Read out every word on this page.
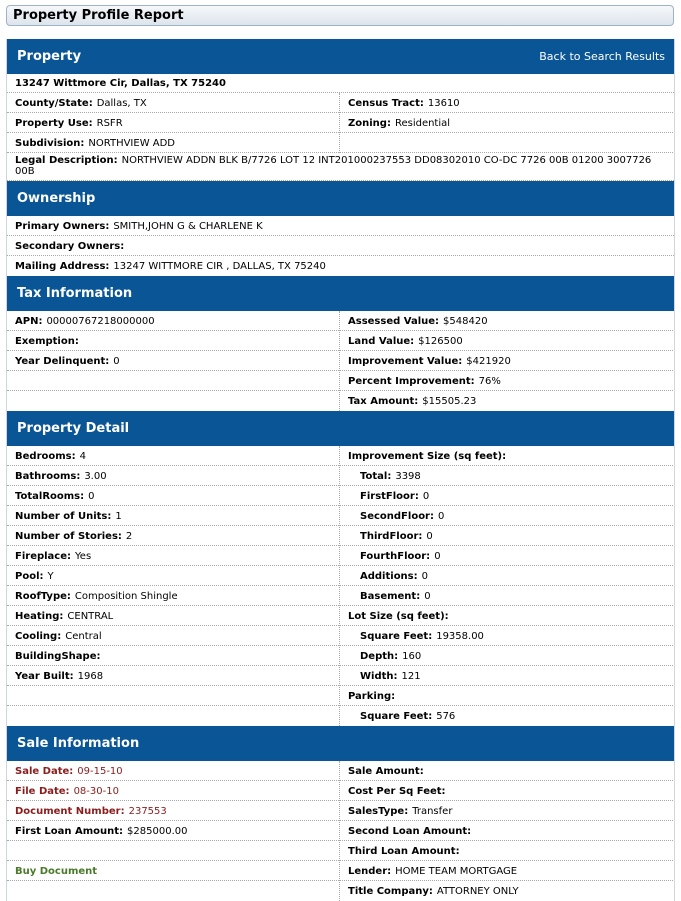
Property Profile Report
Property	Back to Search Results
13247 Wittmore Cir, Dallas, TX 75240
County/State: Dallas, TX
Property Use: RSFR
Subdivision: NORTHVIEW ADD
Census Tract: 13610
Zoning: Residential
Legal Description: NORTHVIEW ADDN BLK B/7726 LOT 12 INT201000237553 DD08302010 CO-DC 7726 00B 01200 3007726 00B
Ownership
Primary Owners: SMITH,JOHN G & CHARLENE K
Secondary Owners:
Mailing Address: 13247 WITTMORE CIR , DALLAS, TX 75240
Tax Information
APN: 00000767218000000
Exemption:
Year Delinquent: 0
Assessed Value: $548420
Land Value: $126500
Improvement Value: $421920
Percent Improvement: 76%
Tax Amount: $15505.23
Property Detail
Bedrooms: 4
Bathrooms: 3.00
TotalRooms: 0
Number of Units: 1
Number of Stories: 2
Fireplace: Yes
Pool: Y
RoofType: Composition Shingle
Heating: CENTRAL
Cooling: Central
BuildingShape:
Year Built: 1968
Improvement Size (sq feet):
Total: 3398
FirstFloor: 0
SecondFloor: 0
ThirdFloor: 0
FourthFloor: 0
Additions: 0
Basement: 0
Lot Size (sq feet):
Square Feet: 19358.00
Depth: 160
Width: 121
Parking:
Square Feet: 576
Sale Information
Sale Date: 09-15-10
File Date: 08-30-10
Document Number: 237553
First Loan Amount: $285000.00
Buy Document
Sale Amount:
Cost Per Sq Feet:
SalesType: Transfer
Second Loan Amount:
Third Loan Amount:
Lender: HOME TEAM MORTGAGE
Title Company: ATTORNEY ONLY
